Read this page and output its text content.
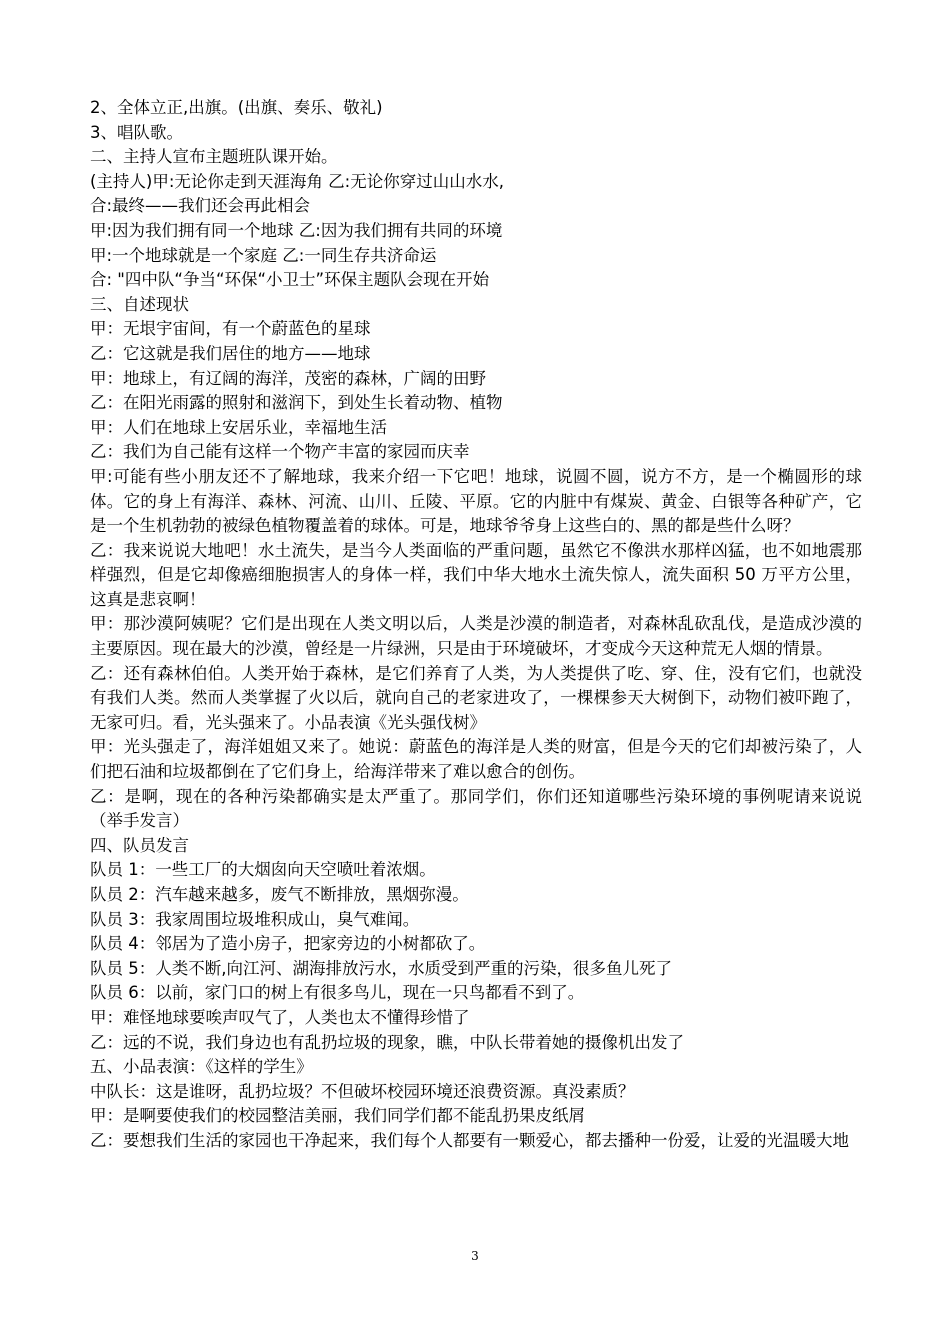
2、全体立正,出旗。(出旗、奏乐、敬礼)

3、唱队歌。

二、主持人宣布主题班队课开始。

(主持人)甲:无论你走到天涯海角 乙:无论你穿过山山水水,

合:最终——我们还会再此相会

甲:因为我们拥有同一个地球 乙:因为我们拥有共同的环境

甲:一个地球就是一个家庭 乙:一同生存共济命运

合: "四中队“争当“环保“小卫士”环保主题队会现在开始

三、自述现状

甲：无垠宇宙间，有一个蔚蓝色的星球

乙：它这就是我们居住的地方——地球

甲：地球上，有辽阔的海洋，茂密的森林，广阔的田野

乙：在阳光雨露的照射和滋润下，到处生长着动物、植物

甲：人们在地球上安居乐业，幸福地生活

乙：我们为自己能有这样一个物产丰富的家园而庆幸

甲:可能有些小朋友还不了解地球，我来介绍一下它吧！地球，说圆不圆，说方不方，是一个椭圆形的球体。它的身上有海洋、森林、河流、山川、丘陵、平原。它的内脏中有煤炭、黄金、白银等各种矿产，它是一个生机勃勃的被绿色植物覆盖着的球体。可是，地球爷爷身上这些白的、黑的都是些什么呀？

乙：我来说说大地吧！水土流失，是当今人类面临的严重问题，虽然它不像洪水那样凶猛，也不如地震那样强烈，但是它却像癌细胞损害人的身体一样，我们中华大地水土流失惊人，流失面积 50 万平方公里，这真是悲哀啊！

甲：那沙漠阿姨呢？它们是出现在人类文明以后，人类是沙漠的制造者，对森林乱砍乱伐，是造成沙漠的主要原因。现在最大的沙漠，曾经是一片绿洲，只是由于环境破坏，才变成今天这种荒无人烟的情景。

乙：还有森林伯伯。人类开始于森林，是它们养育了人类，为人类提供了吃、穿、住，没有它们，也就没有我们人类。然而人类掌握了火以后，就向自己的老家进攻了，一棵棵参天大树倒下，动物们被吓跑了，无家可归。看，光头强来了。小品表演《光头强伐树》

甲：光头强走了，海洋姐姐又来了。她说：蔚蓝色的海洋是人类的财富，但是今天的它们却被污染了，人们把石油和垃圾都倒在了它们身上，给海洋带来了难以愈合的创伤。

乙：是啊，现在的各种污染都确实是太严重了。那同学们，你们还知道哪些污染环境的事例呢请来说说（举手发言）

四、队员发言

队员 1：一些工厂的大烟囱向天空喷吐着浓烟。

队员 2：汽车越来越多，废气不断排放，黑烟弥漫。

队员 3：我家周围垃圾堆积成山，臭气难闻。

队员 4：邻居为了造小房子，把家旁边的小树都砍了。

队员 5：人类不断,向江河、湖海排放污水，水质受到严重的污染，很多鱼儿死了

队员 6：以前，家门口的树上有很多鸟儿，现在一只鸟都看不到了。

甲：难怪地球要唉声叹气了，人类也太不懂得珍惜了

乙：远的不说，我们身边也有乱扔垃圾的现象，瞧，中队长带着她的摄像机出发了

五、小品表演：《这样的学生》

中队长：这是谁呀，乱扔垃圾？不但破坏校园环境还浪费资源。真没素质？

甲：是啊要使我们的校园整洁美丽，我们同学们都不能乱扔果皮纸屑

乙：要想我们生活的家园也干净起来，我们每个人都要有一颗爱心，都去播种一份爱，让爱的光温暖大地

3
